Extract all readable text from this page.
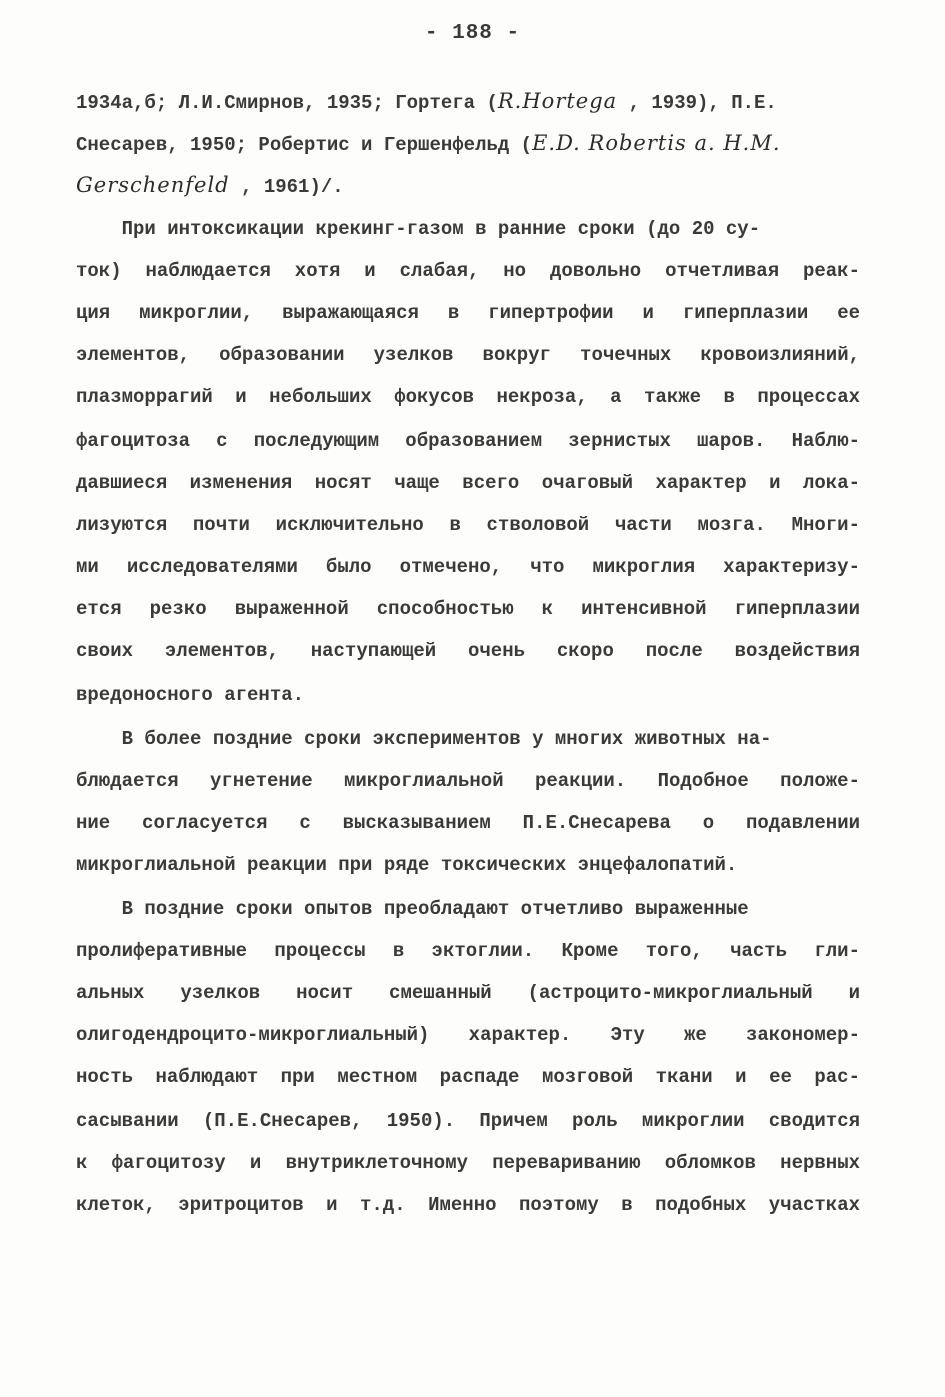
- 188 -
1934а,б; Л.И.Смирнов, 1935; Гортега (R.Hortega , 1939), П.Е.
Снесарев, 1950; Робертис и Гершенфельд (E.D. Robertis a. H.M.
Gerschenfeld , 1961)/.
При интоксикации крекинг-газом в ранние сроки (до 20 су-
ток) наблюдается хотя и слабая, но довольно отчетливая реак-
ция микроглии, выражающаяся в гипертрофии и гиперплазии ее
элементов, образовании узелков вокруг точечных кровоизлияний,
плазморрагий и небольших фокусов некроза, а также в процессах
фагоцитоза с последующим образованием зернистых шаров. Наблю-
давшиеся изменения носят чаще всего очаговый характер и лока-
лизуются почти исключительно в стволовой части мозга. Многи-
ми исследователями было отмечено, что микроглия характеризу-
ется резко выраженной способностью к интенсивной гиперплазии
своих элементов, наступающей очень скоро после воздействия
вредоносного агента.
В более поздние сроки экспериментов у многих животных на-
блюдается угнетение микроглиальной реакции. Подобное положе-
ние согласуется с высказыванием П.Е.Снесарева о подавлении
микроглиальной реакции при ряде токсических энцефалопатий.
В поздние сроки опытов преобладают отчетливо выраженные
пролиферативные процессы в эктоглии. Кроме того, часть гли-
альных узелков носит смешанный (астроцито-микроглиальный и
олигодендроцито-микроглиальный) характер. Эту же закономер-
ность наблюдают при местном распаде мозговой ткани и ее рас-
сасывании (П.Е.Снесарев, 1950). Причем роль микроглии сводится
к фагоцитозу и внутриклеточному перевариванию обломков нервных
клеток, эритроцитов и т.д. Именно поэтому в подобных участках
